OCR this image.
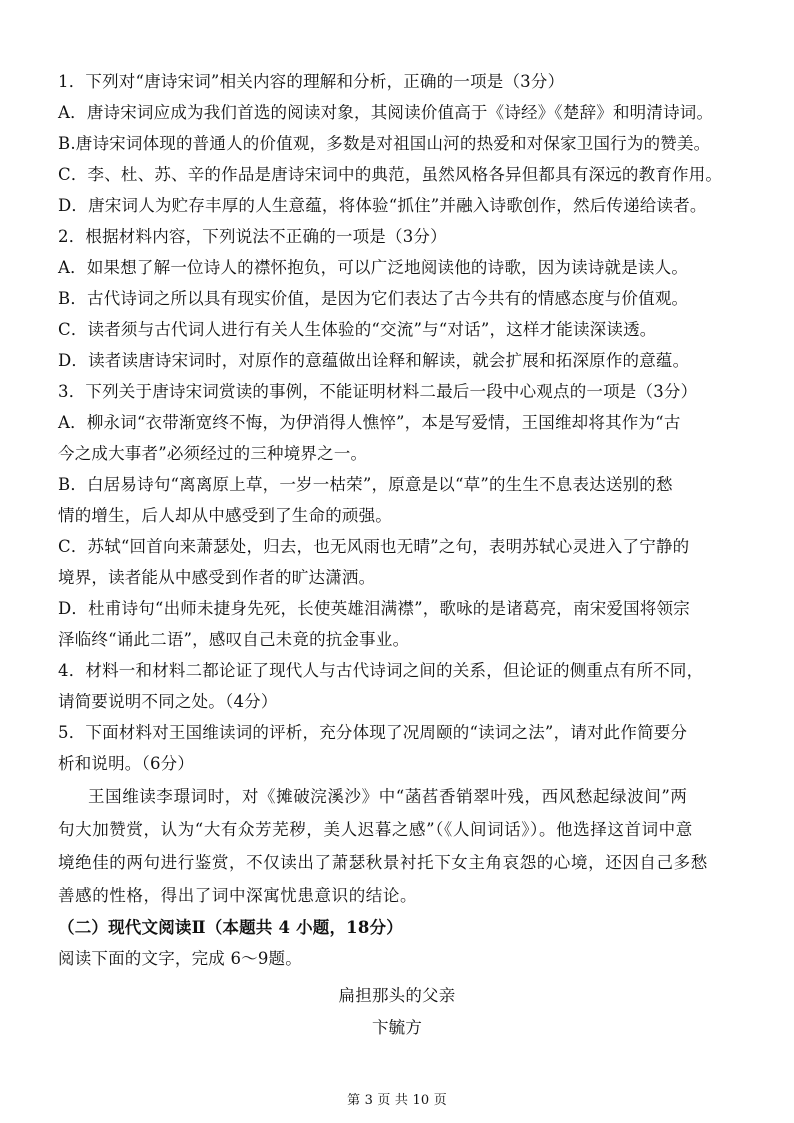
1．下列对“唐诗宋词”相关内容的理解和分析，正确的一项是（3分）
A．唐诗宋词应成为我们首选的阅读对象，其阅读价值高于《诗经》《楚辞》和明清诗词。
B.唐诗宋词体现的普通人的价值观，多数是对祖国山河的热爱和对保家卫国行为的赞美。
C．李、杜、苏、辛的作品是唐诗宋词中的典范，虽然风格各异但都具有深远的教育作用。
D．唐宋词人为贮存丰厚的人生意蕴，将体验“抓住”并融入诗歌创作，然后传递给读者。
2．根据材料内容，下列说法不正确的一项是（3分）
A．如果想了解一位诗人的襟怀抱负，可以广泛地阅读他的诗歌，因为读诗就是读人。
B．古代诗词之所以具有现实价值，是因为它们表达了古今共有的情感态度与价值观。
C．读者须与古代词人进行有关人生体验的“交流”与“对话”，这样才能读深读透。
D．读者读唐诗宋词时，对原作的意蕴做出诠释和解读，就会扩展和拓深原作的意蕴。
3．下列关于唐诗宋词赏读的事例，不能证明材料二最后一段中心观点的一项是（3分）
A．柳永词“衣带渐宽终不悔，为伊消得人憔悴”，本是写爱情，王国维却将其作为“古
今之成大事者”必须经过的三种境界之一。
B．白居易诗句“离离原上草，一岁一枯荣”，原意是以“草”的生生不息表达送别的愁
情的增生，后人却从中感受到了生命的顽强。
C．苏轼“回首向来萧瑟处，归去，也无风雨也无晴”之句，表明苏轼心灵进入了宁静的
境界，读者能从中感受到作者的旷达潇洒。
D．杜甫诗句“出师未捷身先死，长使英雄泪满襟”，歌咏的是诸葛亮，南宋爱国将领宗
泽临终“诵此二语”，感叹自己未竟的抗金事业。
4．材料一和材料二都论证了现代人与古代诗词之间的关系，但论证的侧重点有所不同，
请简要说明不同之处。（4分）
5．下面材料对王国维读词的评析，充分体现了况周颐的“读词之法”，请对此作简要分
析和说明。（6分）
王国维读李璟词时，对《摊破浣溪沙》中“菡萏香销翠叶残，西风愁起绿波间”两
句大加赞赏，认为“大有众芳芜秽，美人迟暮之感”（《人间词话》）。他选择这首词中意
境绝佳的两句进行鉴赏，不仅读出了萧瑟秋景衬托下女主角哀怨的心境，还因自己多愁
善感的性格，得出了词中深寓忧患意识的结论。
（二）现代文阅读Ⅱ（本题共 4 小题，18分）
阅读下面的文字，完成 6～9题。
扁担那头的父亲
卞毓方
第 3 页 共 10 页
